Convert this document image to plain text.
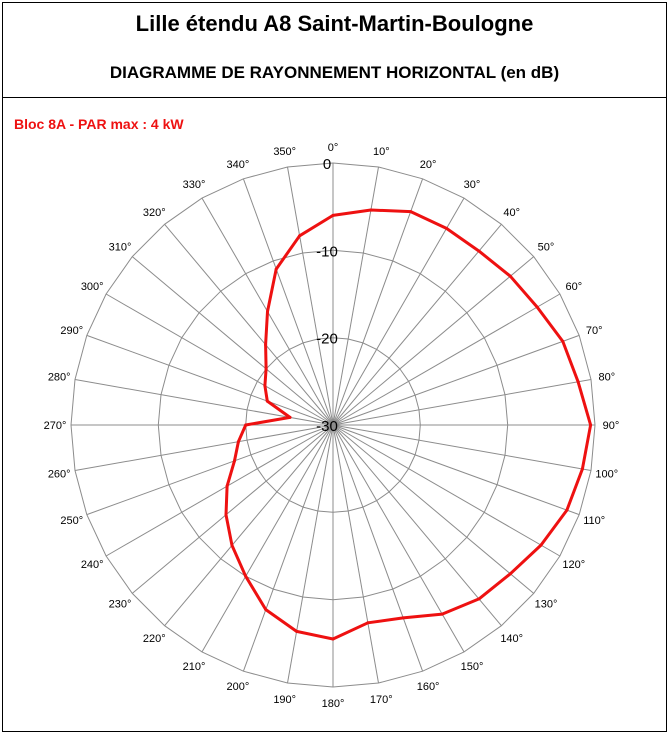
Lille étendu A8 Saint-Martin-Boulogne
DIAGRAMME DE RAYONNEMENT HORIZONTAL (en dB)
Bloc 8A - PAR max : 4 kW
0
-10
-20
-30
0°	10°
20°
30°
40°
50°
60°
70°
80°
90°
100°
110°
120°
130°
140°
150°
160°
170°
180°
190°
200°
210°
220°
230°
240°
250°
260°
270°
280°
290°
300°
310°
320°
330°
340°
350°
